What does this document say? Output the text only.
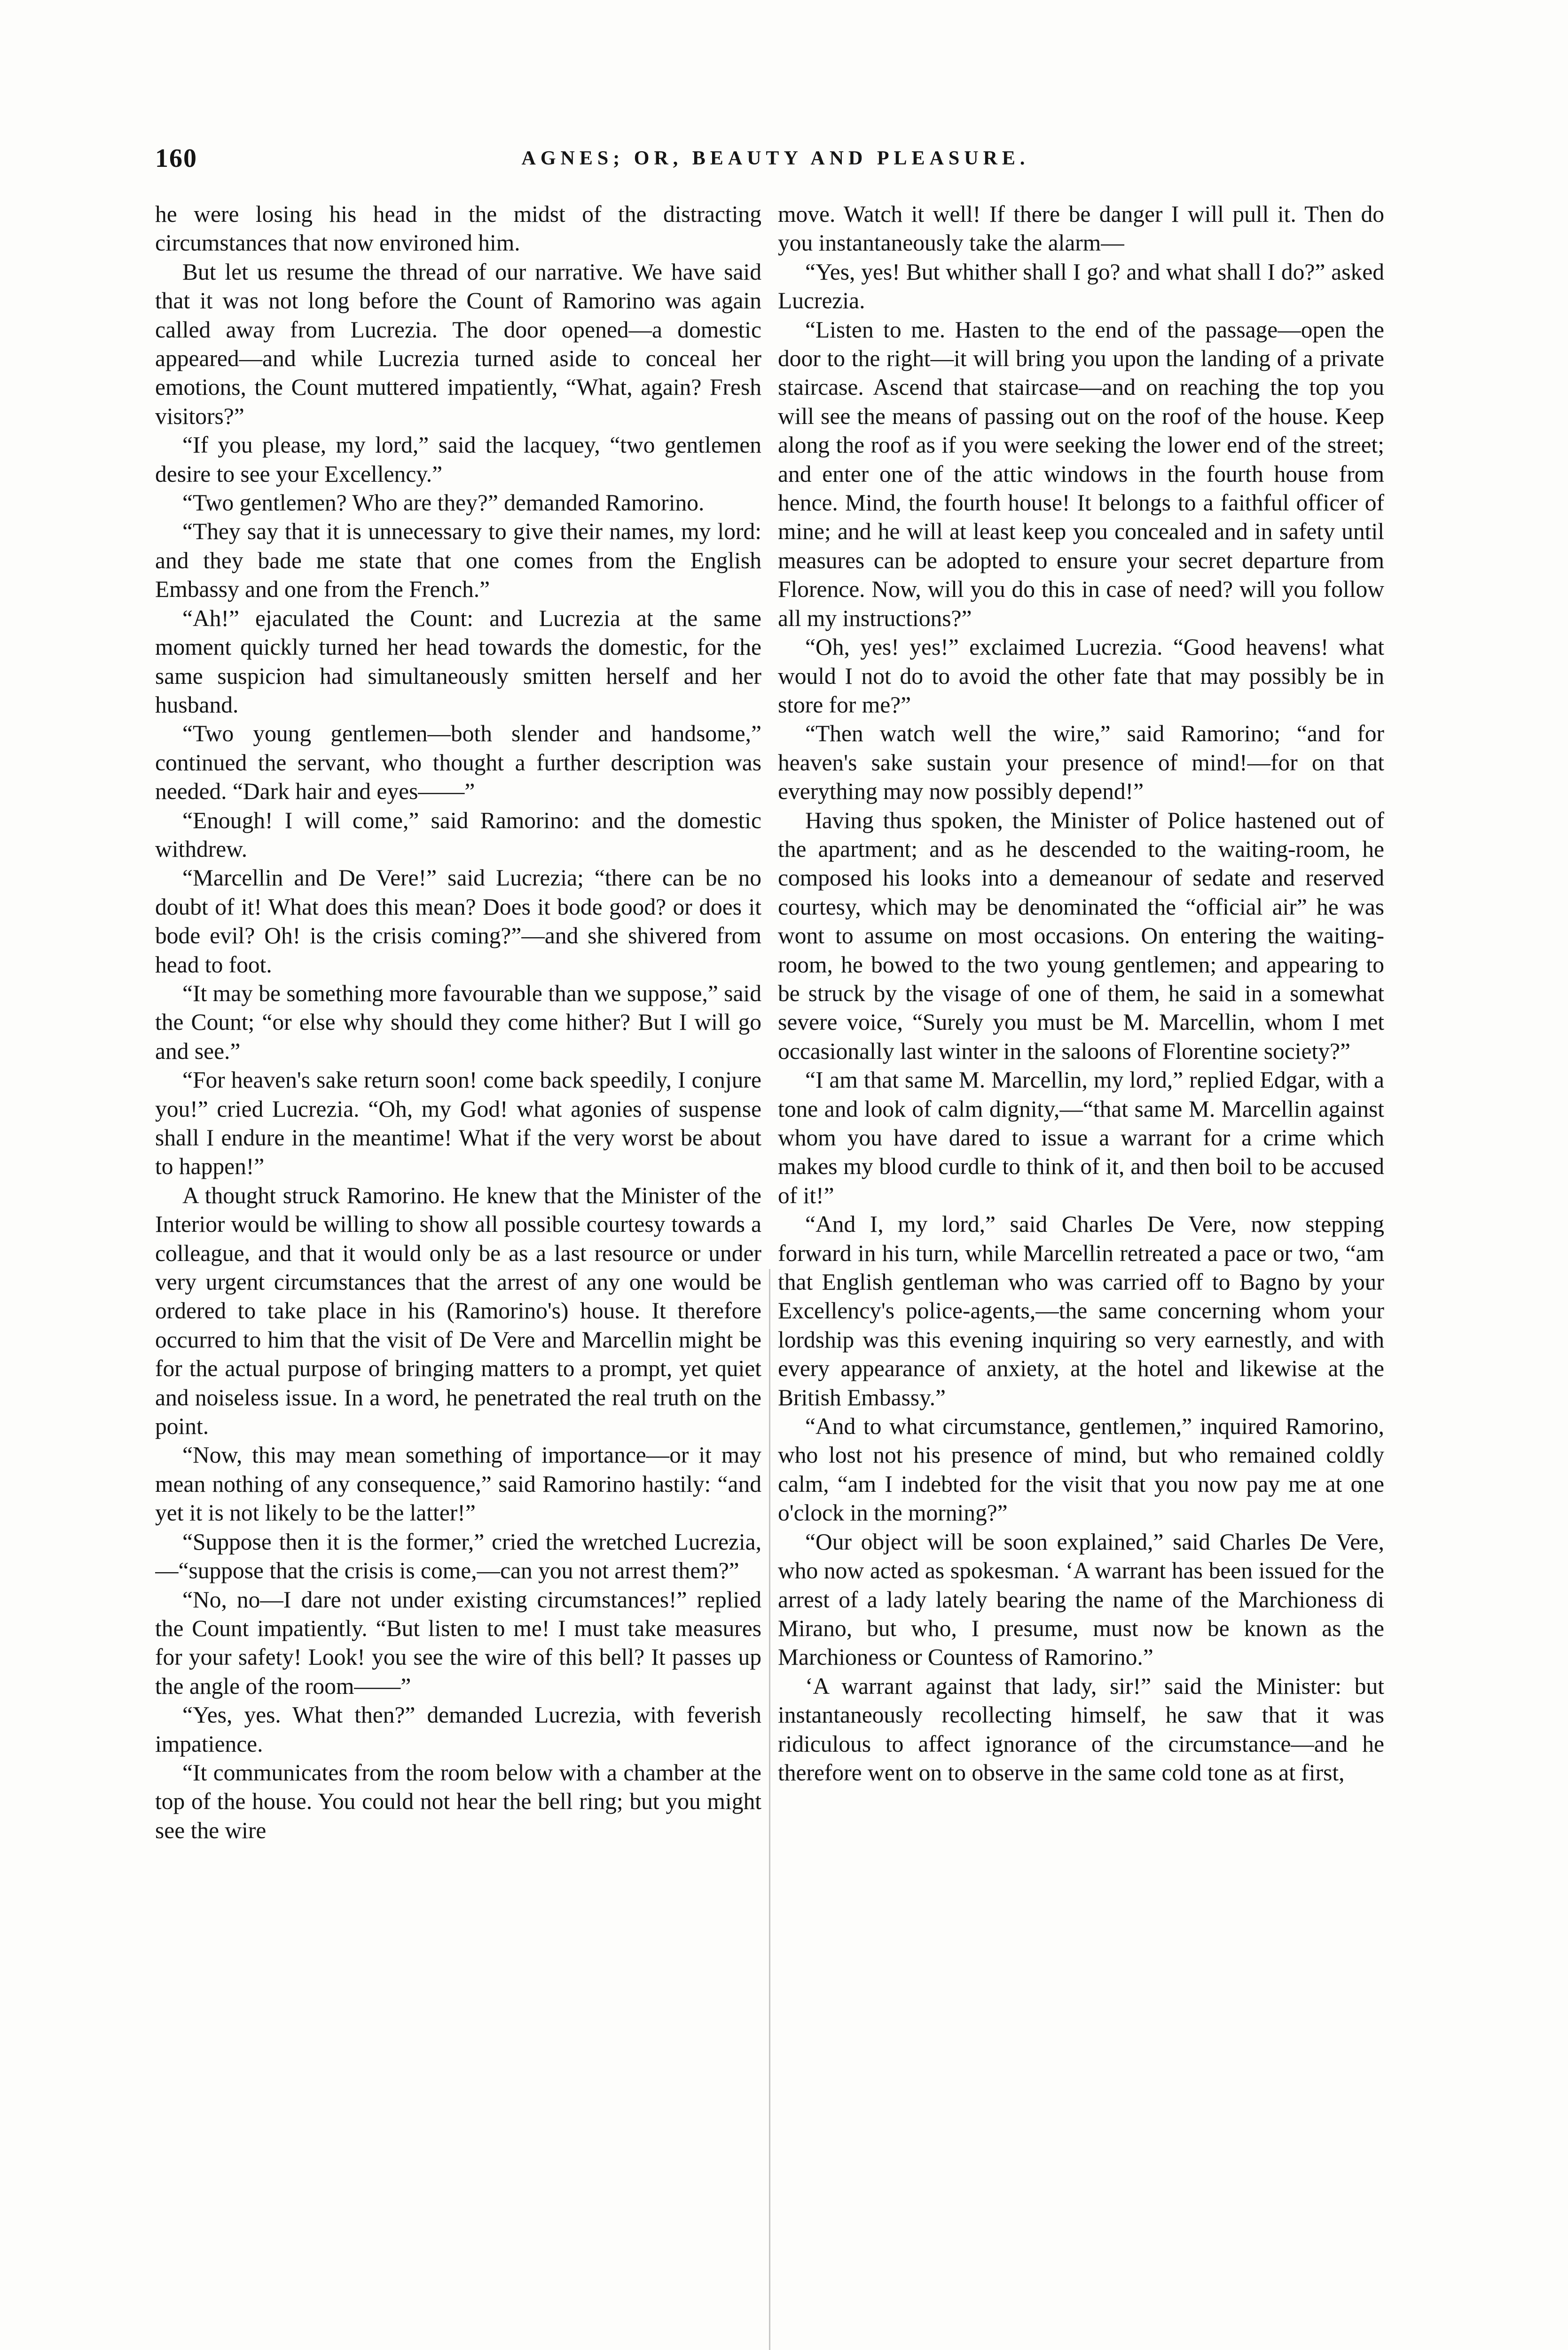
160	AGNES; OR, BEAUTY AND PLEASURE.

he were losing his head in the midst of the distracting circumstances that now environed him.

But let us resume the thread of our narrative. We have said that it was not long before the Count of Ramorino was again called away from Lucrezia. The door opened—a domestic appeared—and while Lucrezia turned aside to conceal her emotions, the Count muttered impatiently, “What, again? Fresh visitors?”

“If you please, my lord,” said the lacquey, “two gentlemen desire to see your Excellency.”

“Two gentlemen? Who are they?” demanded Ramorino.

“They say that it is unnecessary to give their names, my lord: and they bade me state that one comes from the English Embassy and one from the French.”

“Ah!” ejaculated the Count: and Lucrezia at the same moment quickly turned her head towards the domestic, for the same suspicion had simultaneously smitten herself and her husband.

“Two young gentlemen—both slender and handsome,” continued the servant, who thought a further description was needed. “Dark hair and eyes——”

“Enough! I will come,” said Ramorino: and the domestic withdrew.

“Marcellin and De Vere!” said Lucrezia; “there can be no doubt of it! What does this mean? Does it bode good? or does it bode evil? Oh! is the crisis coming?”—and she shivered from head to foot.

“It may be something more favourable than we suppose,” said the Count; “or else why should they come hither? But I will go and see.”

“For heaven's sake return soon! come back speedily, I conjure you!” cried Lucrezia. “Oh, my God! what agonies of suspense shall I endure in the meantime! What if the very worst be about to happen!”

A thought struck Ramorino. He knew that the Minister of the Interior would be willing to show all possible courtesy towards a colleague, and that it would only be as a last resource or under very urgent circumstances that the arrest of any one would be ordered to take place in his (Ramorino's) house. It therefore occurred to him that the visit of De Vere and Marcellin might be for the actual purpose of bringing matters to a prompt, yet quiet and noiseless issue. In a word, he penetrated the real truth on the point.

“Now, this may mean something of importance—or it may mean nothing of any consequence,” said Ramorino hastily: “and yet it is not likely to be the latter!”

“Suppose then it is the former,” cried the wretched Lucrezia,—“suppose that the crisis is come,—can you not arrest them?”

“No, no—I dare not under existing circumstances!” replied the Count impatiently. “But listen to me! I must take measures for your safety! Look! you see the wire of this bell? It passes up the angle of the room——”

“Yes, yes. What then?” demanded Lucrezia, with feverish impatience.

“It communicates from the room below with a chamber at the top of the house. You could not hear the bell ring; but you might see the wire

move. Watch it well! If there be danger I will pull it. Then do you instantaneously take the alarm—

“Yes, yes! But whither shall I go? and what shall I do?” asked Lucrezia.

“Listen to me. Hasten to the end of the passage—open the door to the right—it will bring you upon the landing of a private staircase. Ascend that staircase—and on reaching the top you will see the means of passing out on the roof of the house. Keep along the roof as if you were seeking the lower end of the street; and enter one of the attic windows in the fourth house from hence. Mind, the fourth house! It belongs to a faithful officer of mine; and he will at least keep you concealed and in safety until measures can be adopted to ensure your secret departure from Florence. Now, will you do this in case of need? will you follow all my instructions?”

“Oh, yes! yes!” exclaimed Lucrezia. “Good heavens! what would I not do to avoid the other fate that may possibly be in store for me?”

“Then watch well the wire,” said Ramorino; “and for heaven's sake sustain your presence of mind!—for on that everything may now possibly depend!”

Having thus spoken, the Minister of Police hastened out of the apartment; and as he descended to the waiting-room, he composed his looks into a demeanour of sedate and reserved courtesy, which may be denominated the “official air” he was wont to assume on most occasions. On entering the waiting-room, he bowed to the two young gentlemen; and appearing to be struck by the visage of one of them, he said in a somewhat severe voice, “Surely you must be M. Marcellin, whom I met occasionally last winter in the saloons of Florentine society?”

“I am that same M. Marcellin, my lord,” replied Edgar, with a tone and look of calm dignity,—“that same M. Marcellin against whom you have dared to issue a warrant for a crime which makes my blood curdle to think of it, and then boil to be accused of it!”

“And I, my lord,” said Charles De Vere, now stepping forward in his turn, while Marcellin retreated a pace or two, “am that English gentleman who was carried off to Bagno by your Excellency's police-agents,—the same concerning whom your lordship was this evening inquiring so very earnestly, and with every appearance of anxiety, at the hotel and likewise at the British Embassy.”

“And to what circumstance, gentlemen,” inquired Ramorino, who lost not his presence of mind, but who remained coldly calm, “am I indebted for the visit that you now pay me at one o'clock in the morning?”

“Our object will be soon explained,” said Charles De Vere, who now acted as spokesman. ‘A warrant has been issued for the arrest of a lady lately bearing the name of the Marchioness di Mirano, but who, I presume, must now be known as the Marchioness or Countess of Ramorino.”

‘A warrant against that lady, sir!” said the Minister: but instantaneously recollecting himself, he saw that it was ridiculous to affect ignorance of the circumstance—and he therefore went on to observe in the same cold tone as at first,
